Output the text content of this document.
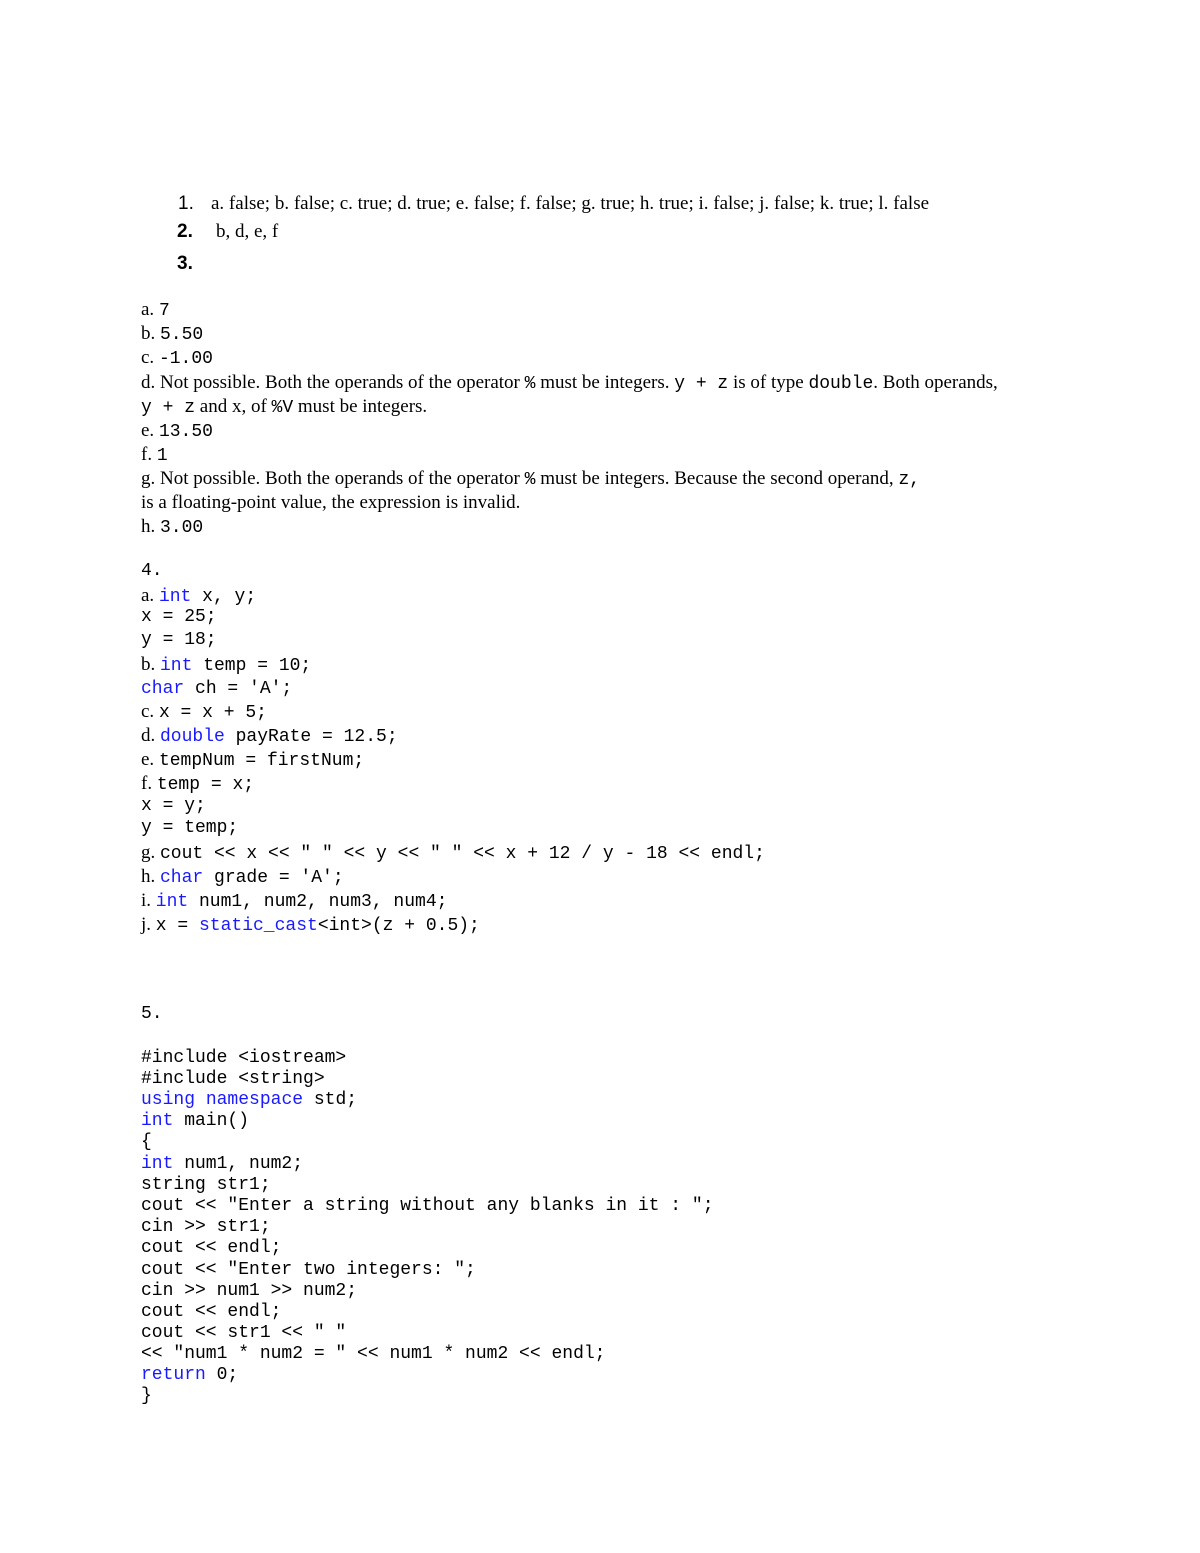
1. a. false; b. false; c. true; d. true; e. false; f. false; g. true; h. true; i. false; j. false; k. true; l. false
2. b, d, e, f
3.
a. 7
b. 5.50
c. -1.00
d. Not possible. Both the operands of the operator % must be integers. y + z is of type double. Both operands,
y + z and x, of %V must be integers.
e. 13.50
f. 1
g. Not possible. Both the operands of the operator % must be integers. Because the second operand, z,
is a floating-point value, the expression is invalid.
h. 3.00
4.
a. int x, y;
x = 25;
y = 18;
b. int temp = 10;
char ch = 'A';
c. x = x + 5;
d. double payRate = 12.5;
e. tempNum = firstNum;
f. temp = x;
x = y;
y = temp;
g. cout << x << " " << y << " " << x + 12 / y - 18 << endl;
h. char grade = 'A';
i. int num1, num2, num3, num4;
j. x = static_cast<int>(z + 0.5);
5.
#include <iostream>
#include <string>
using namespace std;
int main()
{
int num1, num2;
string str1;
cout << "Enter a string without any blanks in it : ";
cin >> str1;
cout << endl;
cout << "Enter two integers: ";
cin >> num1 >> num2;
cout << endl;
cout << str1 << " "
<< "num1 * num2 = " << num1 * num2 << endl;
return 0;
}
